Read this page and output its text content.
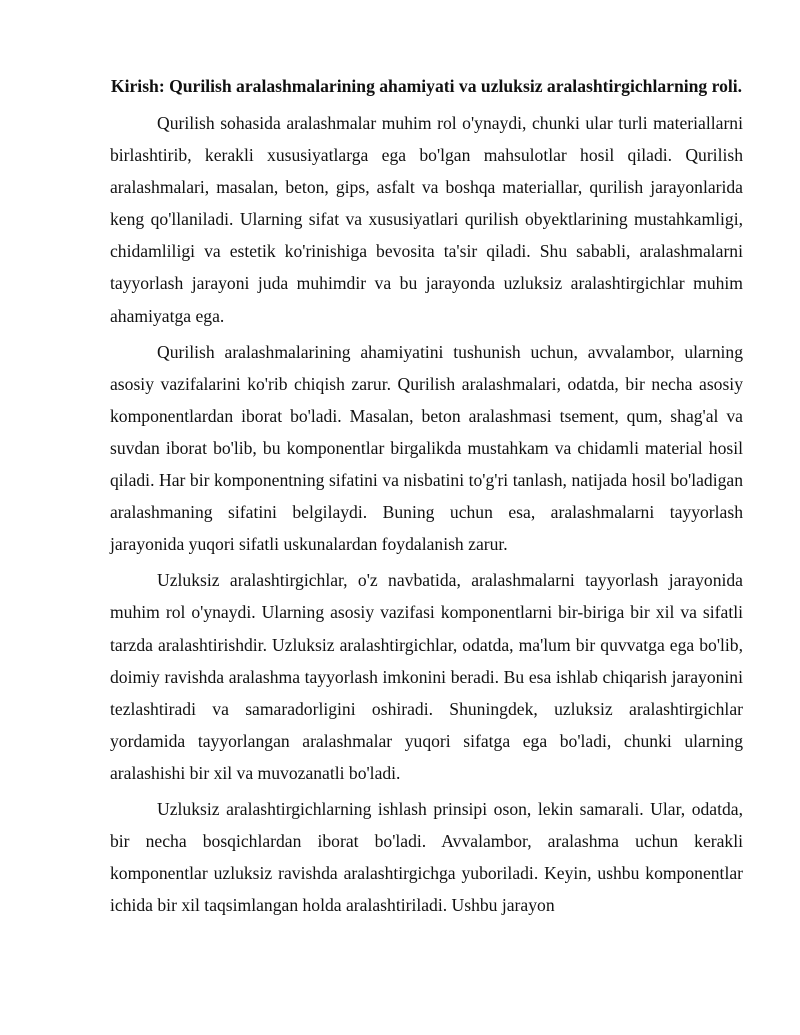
Kirish: Qurilish aralashmalarining ahamiyati va uzluksiz aralashtirgichlarning roli.

Qurilish sohasida aralashmalar muhim rol o'ynaydi, chunki ular turli materiallarni birlashtirib, kerakli xususiyatlarga ega bo'lgan mahsulotlar hosil qiladi. Qurilish aralashmalari, masalan, beton, gips, asfalt va boshqa materiallar, qurilish jarayonlarida keng qo'llaniladi. Ularning sifat va xususiyatlari qurilish obyektlarining mustahkamligi, chidamliligi va estetik ko'rinishiga bevosita ta'sir qiladi. Shu sababli, aralashmalarni tayyorlash jarayoni juda muhimdir va bu jarayonda uzluksiz aralashtirgichlar muhim ahamiyatga ega.

Qurilish aralashmalarining ahamiyatini tushunish uchun, avvalambor, ularning asosiy vazifalarini ko'rib chiqish zarur. Qurilish aralashmalari, odatda, bir necha asosiy komponentlardan iborat bo'ladi. Masalan, beton aralashmasi tsement, qum, shag'al va suvdan iborat bo'lib, bu komponentlar birgalikda mustahkam va chidamli material hosil qiladi. Har bir komponentning sifatini va nisbatini to'g'ri tanlash, natijada hosil bo'ladigan aralashmaning sifatini belgilaydi. Buning uchun esa, aralashmalarni tayyorlash jarayonida yuqori sifatli uskunalardan foydalanish zarur.

Uzluksiz aralashtirgichlar, o'z navbatida, aralashmalarni tayyorlash jarayonida muhim rol o'ynaydi. Ularning asosiy vazifasi komponentlarni bir-biriga bir xil va sifatli tarzda aralashtirishdir. Uzluksiz aralashtirgichlar, odatda, ma'lum bir quvvatga ega bo'lib, doimiy ravishda aralashma tayyorlash imkonini beradi. Bu esa ishlab chiqarish jarayonini tezlashtiradi va samaradorligini oshiradi. Shuningdek, uzluksiz aralashtirgichlar yordamida tayyorlangan aralashmalar yuqori sifatga ega bo'ladi, chunki ularning aralashishi bir xil va muvozanatli bo'ladi.

Uzluksiz aralashtirgichlarning ishlash prinsipi oson, lekin samarali. Ular, odatda, bir necha bosqichlardan iborat bo'ladi. Avvalambor, aralashma uchun kerakli komponentlar uzluksiz ravishda aralashtirgichga yuboriladi. Keyin, ushbu komponentlar ichida bir xil taqsimlangan holda aralashtiriladi. Ushbu jarayon
